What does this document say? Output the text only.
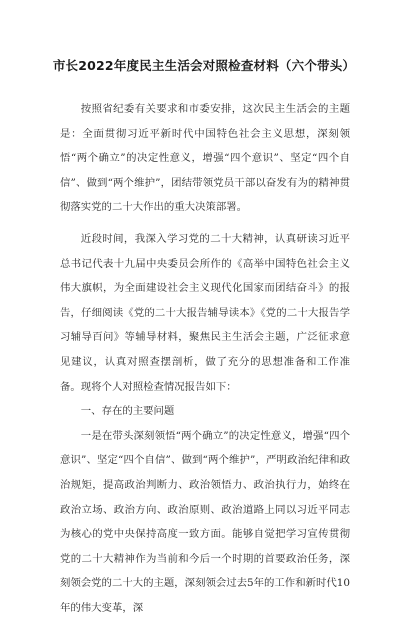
市长2022年度民主生活会对照检查材料（六个带头）

按照省纪委有关要求和市委安排，这次民主生活会的主题是：全面贯彻习近平新时代中国特色社会主义思想，深刻领悟“两个确立”的决定性意义，增强“四个意识”、坚定“四个自信”、做到“两个维护”，团结带领党员干部以奋发有为的精神贯彻落实党的二十大作出的重大决策部署。

近段时间，我深入学习党的二十大精神，认真研读习近平总书记代表十九届中央委员会所作的《高举中国特色社会主义伟大旗帜，为全面建设社会主义现代化国家而团结奋斗》的报告，仔细阅读《党的二十大报告辅导读本》《党的二十大报告学习辅导百问》等辅导材料，聚焦民主生活会主题，广泛征求意见建议，认真对照查摆剖析，做了充分的思想准备和工作准备。现将个人对照检查情况报告如下：

一、存在的主要问题

一是在带头深刻领悟“两个确立”的决定性意义，增强“四个意识”、坚定“四个自信”、做到“两个维护”，严明政治纪律和政治规矩，提高政治判断力、政治领悟力、政治执行力，始终在政治立场、政治方向、政治原则、政治道路上同以习近平同志为核心的党中央保持高度一致方面。能够自觉把学习宣传贯彻党的二十大精神作为当前和今后一个时期的首要政治任务，深刻领会党的二十大的主题，深刻领会过去5年的工作和新时代10年的伟大变革，深
